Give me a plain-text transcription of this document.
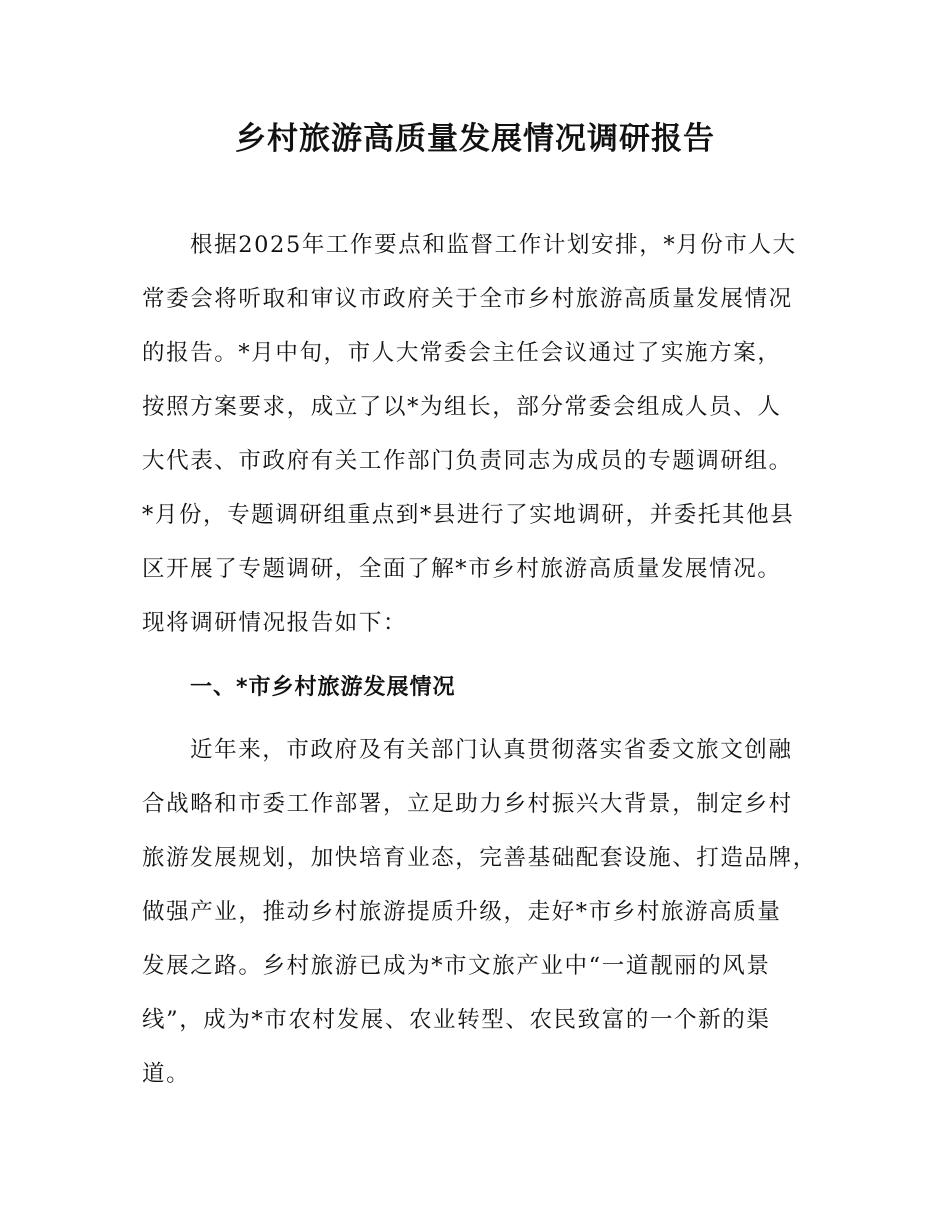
乡村旅游高质量发展情况调研报告
根据2025年工作要点和监督工作计划安排，*月份市人大
常委会将听取和审议市政府关于全市乡村旅游高质量发展情况
的报告。*月中旬，市人大常委会主任会议通过了实施方案，
按照方案要求，成立了以*为组长，部分常委会组成人员、人
大代表、市政府有关工作部门负责同志为成员的专题调研组。
*月份，专题调研组重点到*县进行了实地调研，并委托其他县
区开展了专题调研，全面了解*市乡村旅游高质量发展情况。
现将调研情况报告如下：
一、*市乡村旅游发展情况
近年来，市政府及有关部门认真贯彻落实省委文旅文创融
合战略和市委工作部署，立足助力乡村振兴大背景，制定乡村
旅游发展规划，加快培育业态，完善基础配套设施、打造品牌，
做强产业，推动乡村旅游提质升级，走好*市乡村旅游高质量
发展之路。乡村旅游已成为*市文旅产业中“一道靓丽的风景
线”，成为*市农村发展、农业转型、农民致富的一个新的渠
道。
